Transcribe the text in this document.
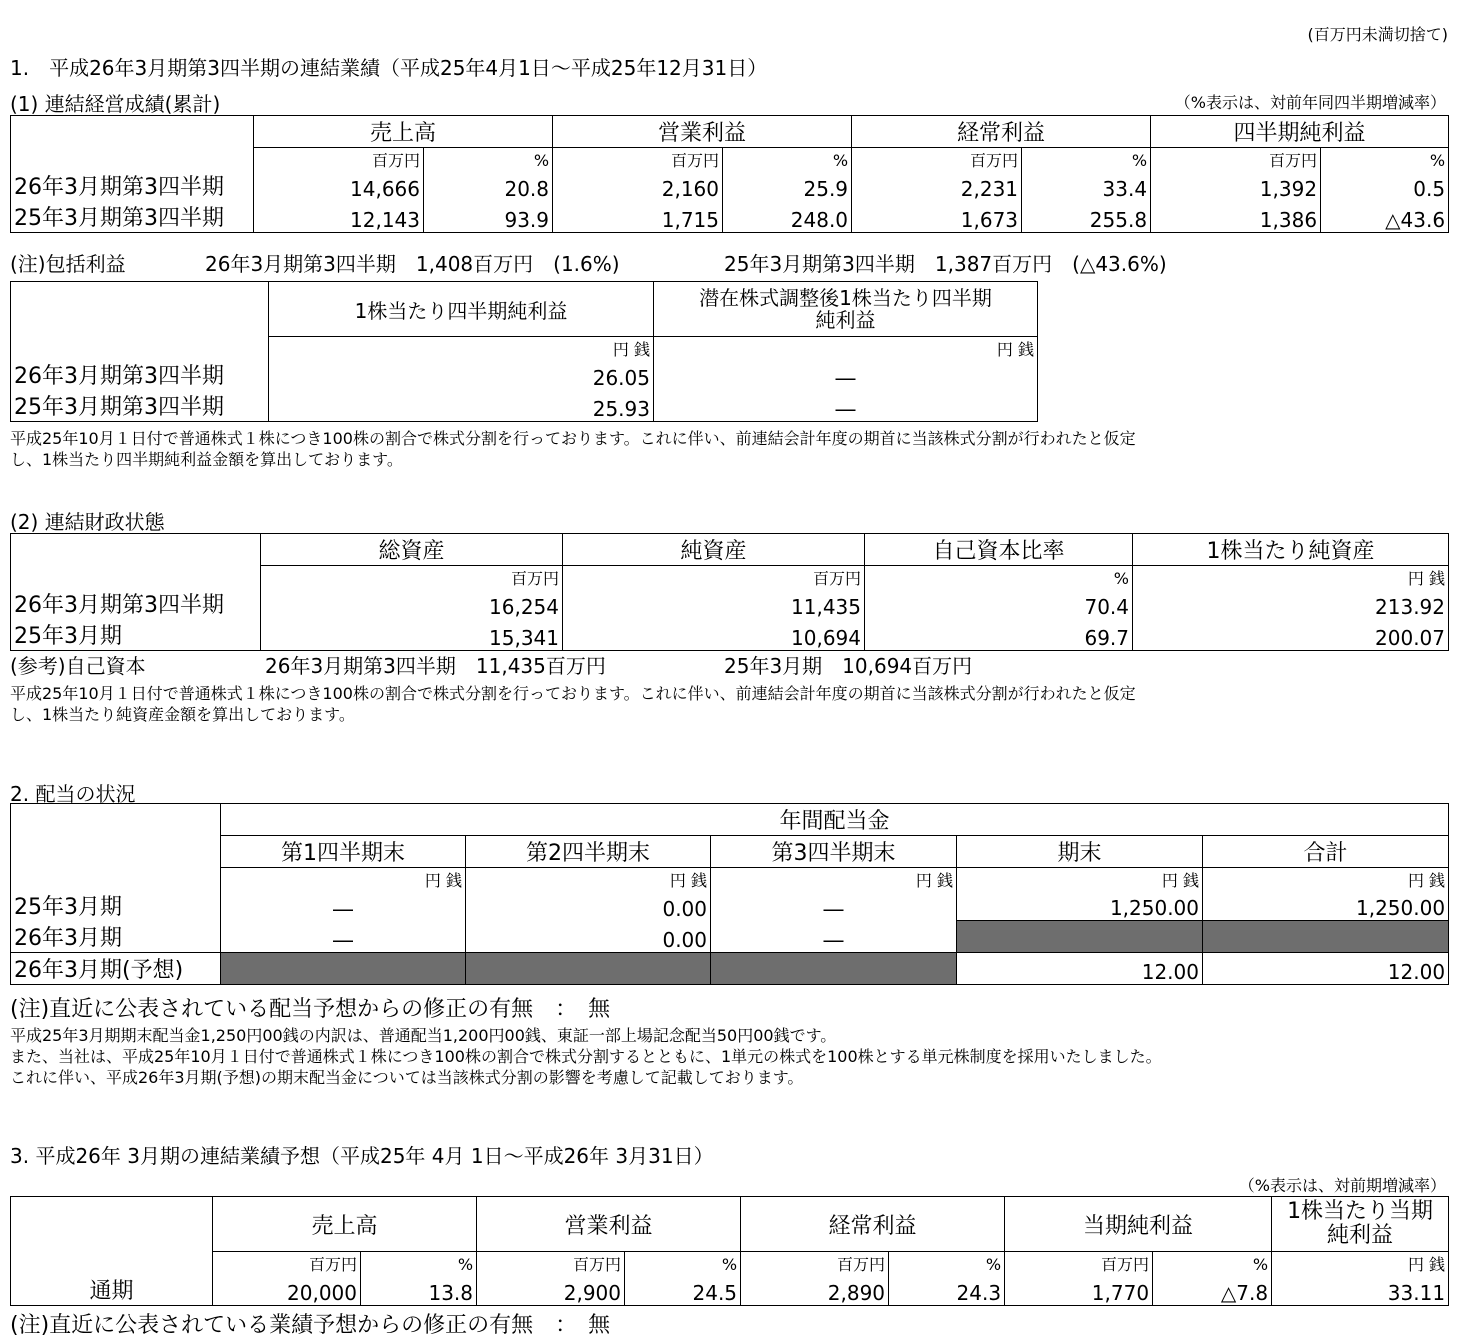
(百万円未満切捨て)
1.　平成26年3月期第3四半期の連結業績（平成25年4月1日～平成25年12月31日）
(1) 連結経営成績(累計)	（%表示は、対前年同四半期増減率）
	売上高		営業利益		経常利益		四半期純利益	
	百万円	%	百万円	%	百万円	%	百万円	%
26年3月期第3四半期	14,666	20.8	2,160	25.9	2,231	33.4	1,392	0.5
25年3月期第3四半期	12,143	93.9	1,715	248.0	1,673	255.8	1,386	△43.6
(注)包括利益	26年3月期第3四半期　1,408百万円　(1.6%)	25年3月期第3四半期　1,387百万円　(△43.6%)
	1株当たり四半期純利益	潜在株式調整後1株当たり四半期
純利益

	円 銭	円 銭
26年3月期第3四半期	26.05	―
25年3月期第3四半期	25.93	―
平成25年10月１日付で普通株式１株につき100株の割合で株式分割を行っております。これに伴い、前連結会計年度の期首に当該株式分割が行われたと仮定
し、1株当たり四半期純利益金額を算出しております。
(2) 連結財政状態
	総資産	純資産	自己資本比率	1株当たり純資産
	百万円	百万円	%	円 銭
26年3月期第3四半期	16,254	11,435	70.4	213.92
25年3月期	15,341	10,694	69.7	200.07
(参考)自己資本	26年3月期第3四半期　11,435百万円	25年3月期　10,694百万円
平成25年10月１日付で普通株式１株につき100株の割合で株式分割を行っております。これに伴い、前連結会計年度の期首に当該株式分割が行われたと仮定
し、1株当たり純資産金額を算出しております。
2. 配当の状況
	年間配当金				
	第1四半期末	第2四半期末	第3四半期末	期末	合計
	円 銭	円 銭	円 銭	円 銭	円 銭
25年3月期	―	0.00	―	1,250.00	1,250.00
26年3月期	―	0.00	―		
26年3月期(予想)				12.00	12.00
(注)直近に公表されている配当予想からの修正の有無　：　無
平成25年3月期期末配当金1,250円00銭の内訳は、普通配当1,200円00銭、東証一部上場記念配当50円00銭です。
また、当社は、平成25年10月１日付で普通株式１株につき100株の割合で株式分割するとともに、1単元の株式を100株とする単元株制度を採用いたしました。
これに伴い、平成26年3月期(予想)の期末配当金については当該株式分割の影響を考慮して記載しております。
3. 平成26年 3月期の連結業績予想（平成25年 4月 1日～平成26年 3月31日）
（%表示は、対前期増減率）
	売上高		営業利益		経常利益		当期純利益		1株当たり当期
純利益

	百万円	%	百万円	%	百万円	%	百万円	%	円 銭
通期	20,000	13.8	2,900	24.5	2,890	24.3	1,770	△7.8	33.11
(注)直近に公表されている業績予想からの修正の有無　：　無
